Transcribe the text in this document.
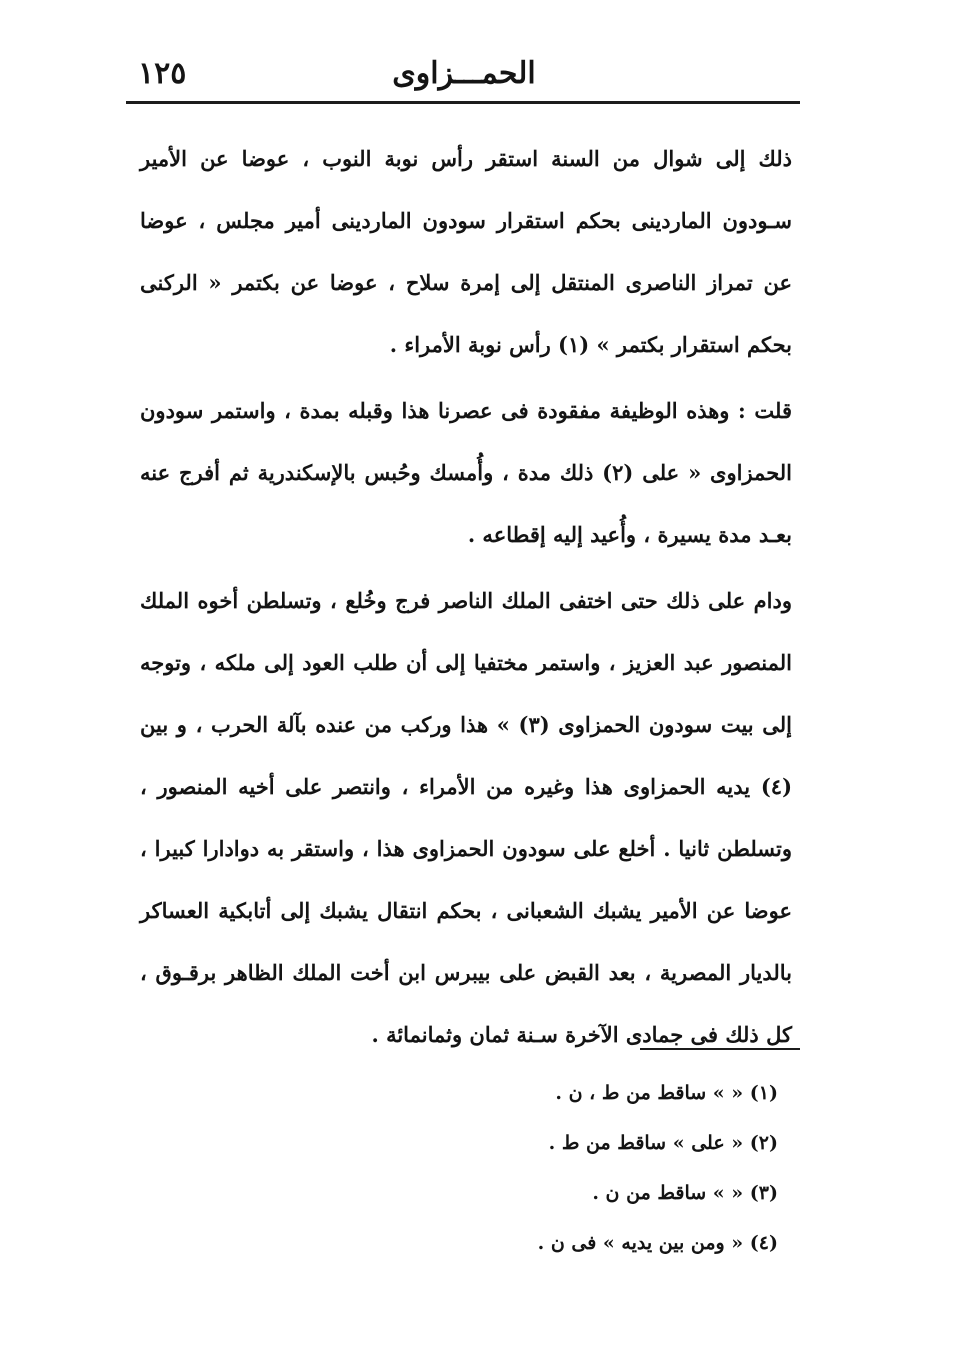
الحمـــزاوى
١٢٥

ذلك إلى شوال من السنة استقر رأس نوبة النوب ، عوضا عن الأمير سـودون الماردينى بحكم استقرار سودون الماردينى أمير مجلس ، عوضا عن تمراز الناصرى المنتقل إلى إمرة سلاح ، عوضا عن بكتمر « الركنى بحكم استقرار بكتمر » (١) رأس نوبة الأمراء .

قلت : وهذه الوظيفة مفقودة فى عصرنا هذا وقبله بمدة ، واستمر سودون الحمزاوى « على (٢) ذلك مدة ، وأُمسك وحُبس بالإسكندرية ثم أفرج عنه بعـد مدة يسيرة ، وأُعيد إليه إقطاعه .

ودام على ذلك حتى اختفى الملك الناصر فرج وخُلع ، وتسلطن أخوه الملك المنصور عبد العزيز ، واستمر مختفيا إلى أن طلب العود إلى ملكه ، وتوجه إلى بيت سودون الحمزاوى (٣) » هذا وركب من عنده بآلة الحرب ، و بين (٤) يديه الحمزاوى هذا وغيره من الأمراء ، وانتصر على أخيه المنصور ، وتسلطن ثانيا . أخلع على سودون الحمزاوى هذا ، واستقر به دوادارا كبيرا ، عوضا عن الأمير يشبك الشعبانى ، بحكم انتقال يشبك إلى أتابكية العساكر بالديار المصرية ، بعد القبض على بيبرس ابن أخت الملك الظاهر برقـوق ، كل ذلك فى جمادى الآخرة سـنة ثمان وثمانمائة .

(١) « » ساقط من ط ، ن .
(٢) « على » ساقط من ط .
(٣) « » ساقط من ن .
(٤) « ومن بين يديه » فى ن .
